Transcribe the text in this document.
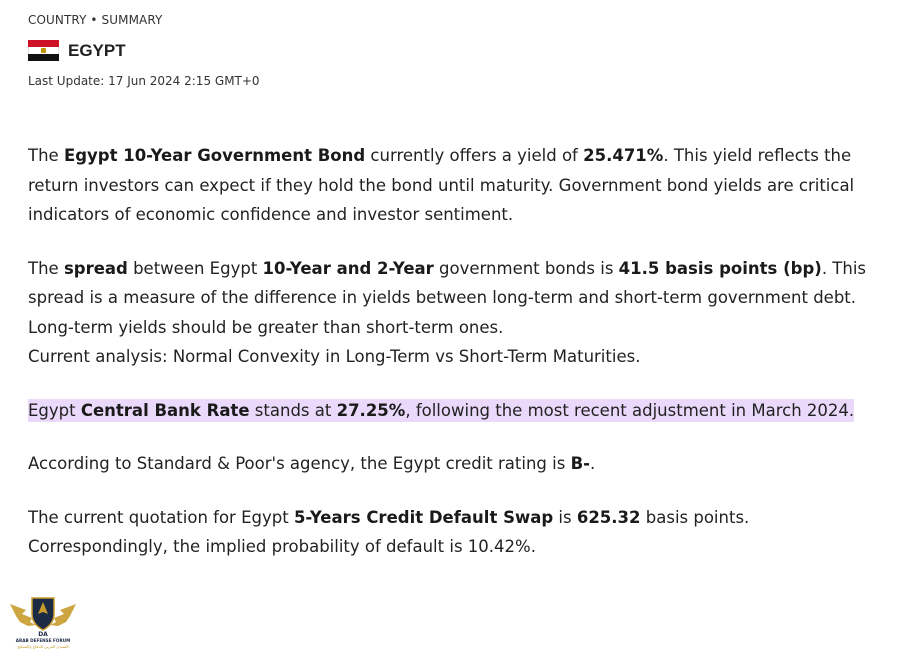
COUNTRY • SUMMARY
EGYPT
Last Update: 17 Jun 2024 2:15 GMT+0

The Egypt 10-Year Government Bond currently offers a yield of 25.471%. This yield reflects the return investors can expect if they hold the bond until maturity. Government bond yields are critical indicators of economic confidence and investor sentiment.

The spread between Egypt 10-Year and 2-Year government bonds is 41.5 basis points (bp). This spread is a measure of the difference in yields between long-term and short-term government debt. Long-term yields should be greater than short-term ones.
Current analysis: Normal Convexity in Long-Term vs Short-Term Maturities.

Egypt Central Bank Rate stands at 27.25%, following the most recent adjustment in March 2024.

According to Standard & Poor's agency, the Egypt credit rating is B-.

The current quotation for Egypt 5-Years Credit Default Swap is 625.32 basis points. Correspondingly, the implied probability of default is 10.42%.

DA
ARAB DEFENSE FORUM
المنتدى العربي للدفاع والتسليح
